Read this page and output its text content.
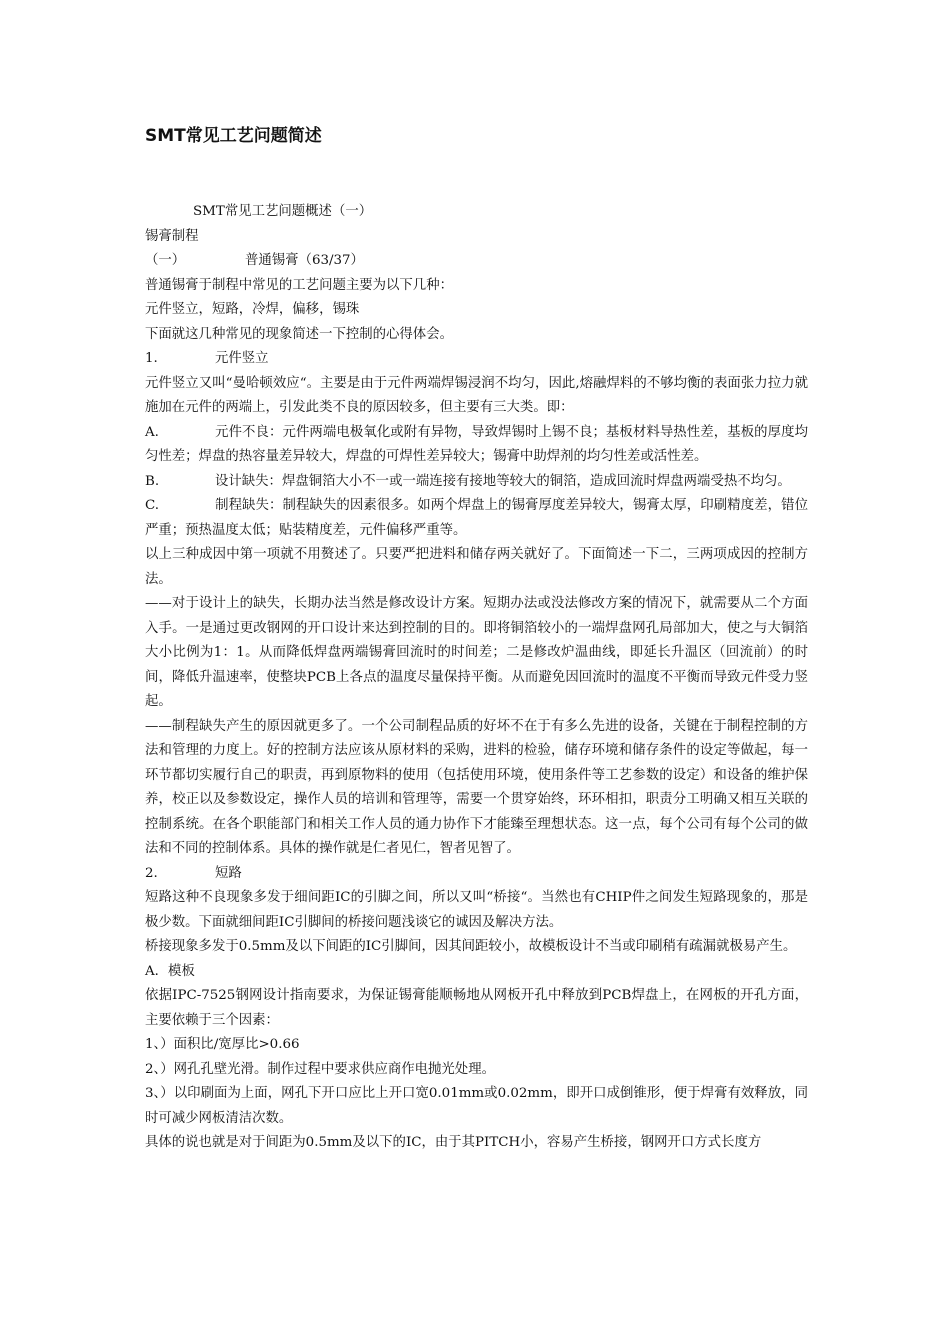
SMT常见工艺问题简述

SMT常见工艺问题概述（一）

锡膏制程

（一）	普通锡膏（63/37）

普通锡膏于制程中常见的工艺问题主要为以下几种：

元件竖立，短路，冷焊，偏移，锡珠

下面就这几种常见的现象简述一下控制的心得体会。

1.	元件竖立

元件竖立又叫“曼哈顿效应“。主要是由于元件两端焊锡浸润不均匀，因此,熔融焊料的不够均衡的表面张力拉力就施加在元件的两端上，引发此类不良的原因较多，但主要有三大类。即：

A.	元件不良：元件两端电极氧化或附有异物，导致焊锡时上锡不良；基板材料导热性差，基板的厚度均匀性差；焊盘的热容量差异较大，焊盘的可焊性差异较大；锡膏中助焊剂的均匀性差或活性差。

B.	设计缺失：焊盘铜箔大小不一或一端连接有接地等较大的铜箔，造成回流时焊盘两端受热不均匀。

C.	制程缺失：制程缺失的因素很多。如两个焊盘上的锡膏厚度差异较大，锡膏太厚，印刷精度差，错位严重；预热温度太低；贴装精度差，元件偏移严重等。

以上三种成因中第一项就不用赘述了。只要严把进料和储存两关就好了。下面简述一下二，三两项成因的控制方法。

——对于设计上的缺失，长期办法当然是修改设计方案。短期办法或没法修改方案的情况下，就需要从二个方面入手。一是通过更改钢网的开口设计来达到控制的目的。即将铜箔较小的一端焊盘网孔局部加大，使之与大铜箔大小比例为1：1。从而降低焊盘两端锡膏回流时的时间差；二是修改炉温曲线，即延长升温区（回流前）的时间，降低升温速率，使整块PCB上各点的温度尽量保持平衡。从而避免因回流时的温度不平衡而导致元件受力竖起。

——制程缺失产生的原因就更多了。一个公司制程品质的好坏不在于有多么先进的设备，关键在于制程控制的方法和管理的力度上。好的控制方法应该从原材料的采购，进料的检验，储存环境和储存条件的设定等做起，每一环节都切实履行自己的职责，再到原物料的使用（包括使用环境，使用条件等工艺参数的设定）和设备的维护保养，校正以及参数设定，操作人员的培训和管理等，需要一个贯穿始终，环环相扣，职责分工明确又相互关联的控制系统。在各个职能部门和相关工作人员的通力协作下才能臻至理想状态。这一点，每个公司有每个公司的做法和不同的控制体系。具体的操作就是仁者见仁，智者见智了。

2.	短路

短路这种不良现象多发于细间距IC的引脚之间，所以又叫“桥接“。当然也有CHIP件之间发生短路现象的，那是极少数。下面就细间距IC引脚间的桥接问题浅谈它的诚因及解决方法。

桥接现象多发于0.5mm及以下间距的IC引脚间，因其间距较小，故模板设计不当或印刷稍有疏漏就极易产生。

A．模板

依据IPC-7525钢网设计指南要求，为保证锡膏能顺畅地从网板开孔中释放到PCB焊盘上，在网板的开孔方面，主要依赖于三个因素：

1、）面积比/宽厚比>0.66

2、）网孔孔壁光滑。制作过程中要求供应商作电抛光处理。

3、）以印刷面为上面，网孔下开口应比上开口宽0.01mm或0.02mm，即开口成倒锥形，便于焊膏有效释放，同时可减少网板清洁次数。

具体的说也就是对于间距为0.5mm及以下的IC，由于其PITCH小，容易产生桥接，钢网开口方式长度方
